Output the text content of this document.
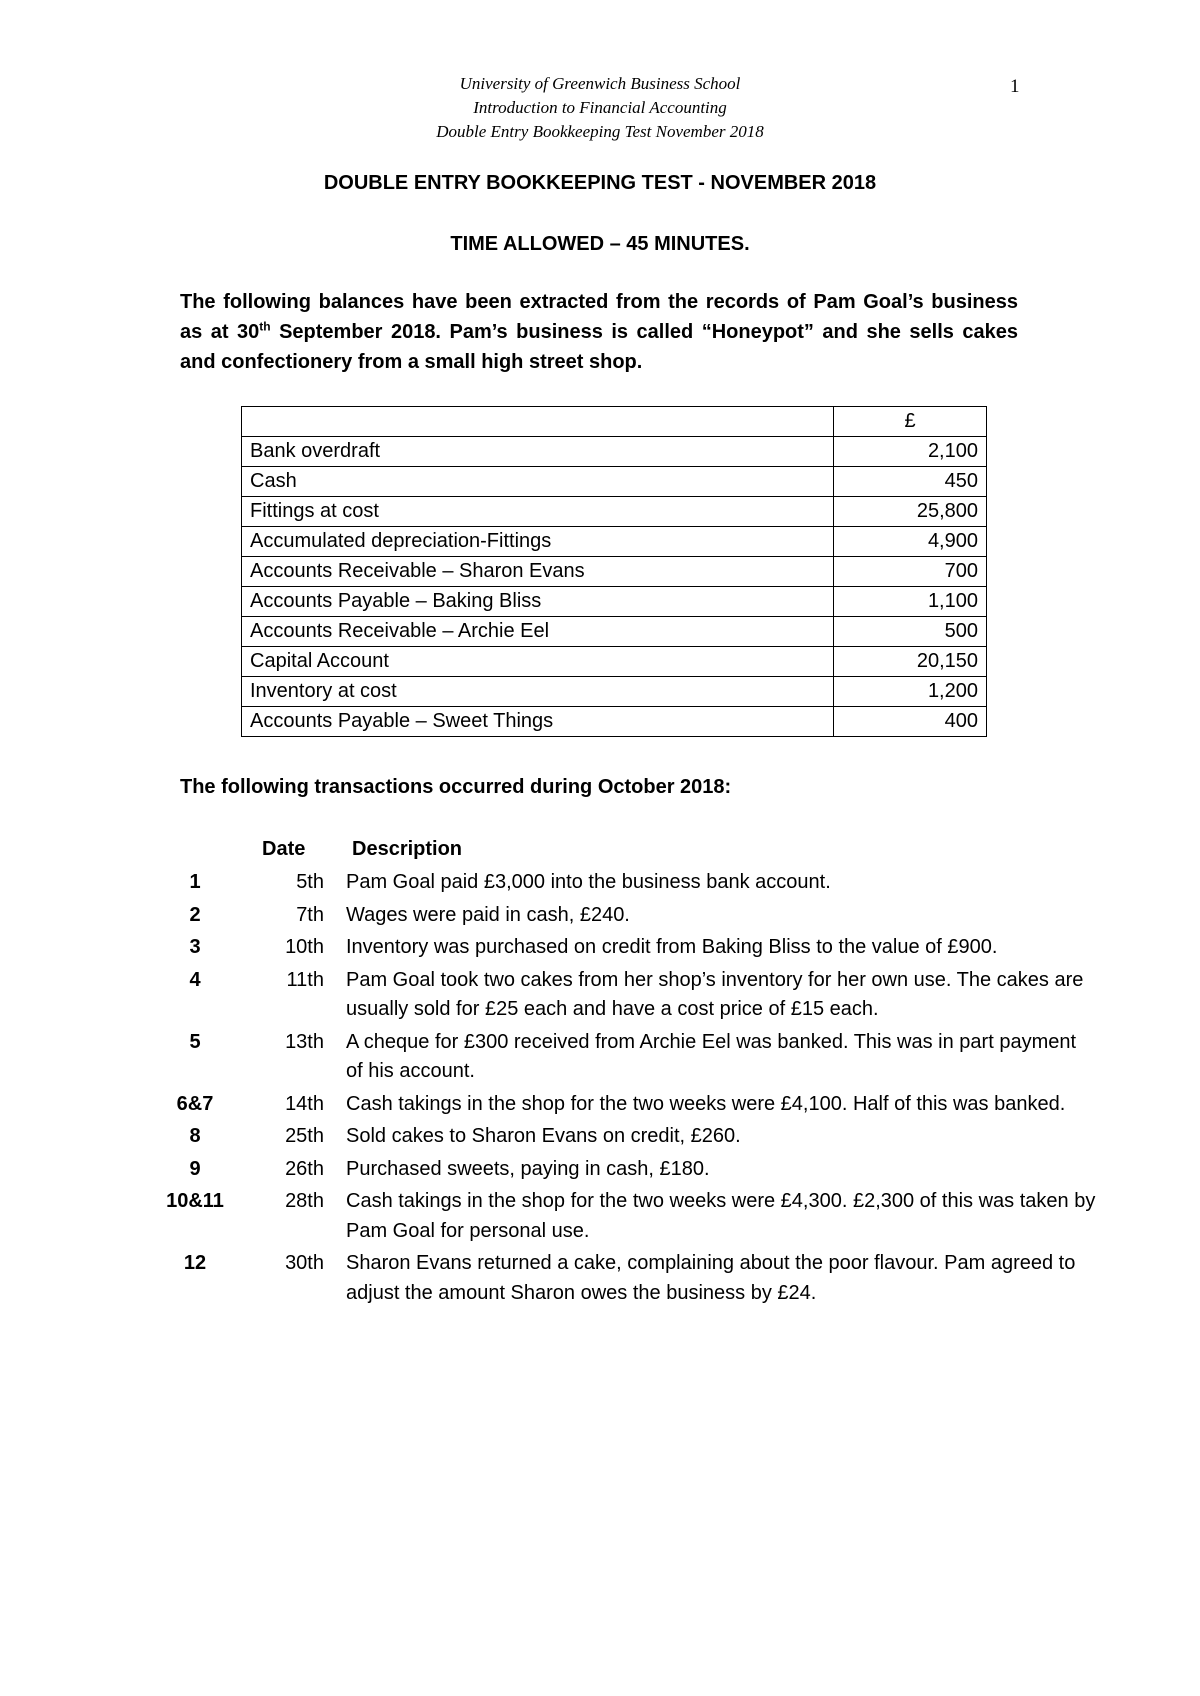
University of Greenwich Business School
Introduction to Financial Accounting
Double Entry Bookkeeping Test November 2018
1
DOUBLE ENTRY BOOKKEEPING TEST - NOVEMBER 2018
TIME ALLOWED – 45 MINUTES.
The following balances have been extracted from the records of Pam Goal’s business as at 30th September 2018. Pam’s business is called “Honeypot” and she sells cakes and confectionery from a small high street shop.
	£
Bank overdraft	2,100
Cash	450
Fittings at cost	25,800
Accumulated depreciation-Fittings	4,900
Accounts Receivable – Sharon Evans	700
Accounts Payable – Baking Bliss	1,100
Accounts Receivable – Archie Eel	500
Capital Account	20,150
Inventory at cost	1,200
Accounts Payable – Sweet Things	400
The following transactions occurred during October 2018:
Date Description
1	5th Pam Goal paid £3,000 into the business bank account.
2	7th Wages were paid in cash, £240.
3	10th Inventory was purchased on credit from Baking Bliss to the value of £900.
4	11th Pam Goal took two cakes from her shop’s inventory for her own use. The cakes are usually sold for £25 each and have a cost price of £15 each.
5	13th A cheque for £300 received from Archie Eel was banked. This was in part payment of his account.
6&7	14th Cash takings in the shop for the two weeks were £4,100. Half of this was banked.
8	25th Sold cakes to Sharon Evans on credit, £260.
9	26th Purchased sweets, paying in cash, £180.
10&11	28th Cash takings in the shop for the two weeks were £4,300. £2,300 of this was taken by Pam Goal for personal use.
12	30th Sharon Evans returned a cake, complaining about the poor flavour. Pam agreed to adjust the amount Sharon owes the business by £24.
